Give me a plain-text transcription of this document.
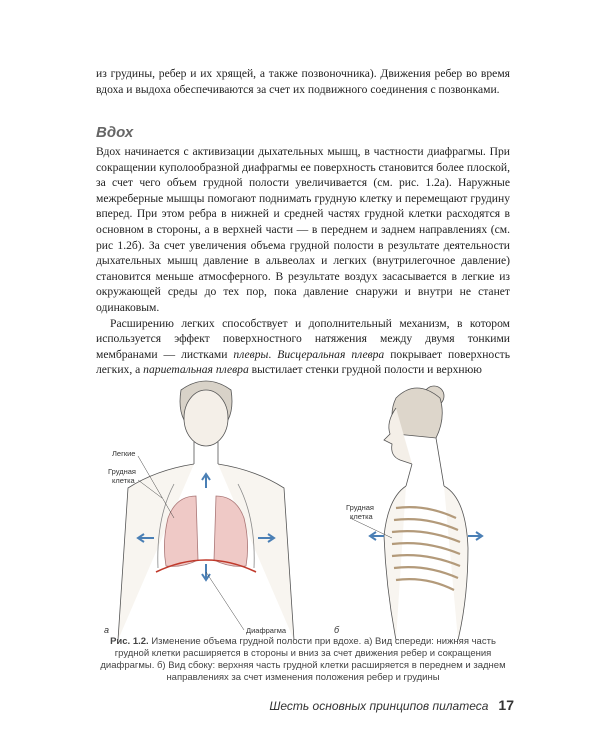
из грудины, ребер и их хрящей, а также позвоночника). Движения ребер во время вдоха и выдоха обеспечиваются за счет их подвижного соединения с позвонками.

Вдох

Вдох начинается с активизации дыхательных мышц, в частности диафрагмы. При сокращении куполообразной диафрагмы ее поверхность становится более плоской, за счет чего объем грудной полости увеличивается (см. рис. 1.2а). Наружные межреберные мышцы помогают поднимать грудную клетку и перемещают грудину вперед. При этом ребра в нижней и средней частях грудной клетки расходятся в основном в стороны, а в верхней части — в переднем и заднем направлениях (см. рис 1.2б). За счет увеличения объема грудной полости в результате деятельности дыхательных мышц давление в альвеолах и легких (внутрилегочное давление) становится меньше атмосферного. В результате воздух засасывается в легкие из окружающей среды до тех пор, пока давление снаружи и внутри не станет одинаковым.

Расширению легких способствует и дополнительный механизм, в котором используется эффект поверхностного натяжения между двумя тонкими мембранами — листками плевры. Висцеральная плевра покрывает поверхность легких, а париетальная плевра выстилает стенки грудной полости и верхнюю

Легкие
Грудная
клетка
Диафрагма
а
Грудная
клетка
б

Рис. 1.2. Изменение объема грудной полости при вдохе. а) Вид спереди: нижняя часть грудной клетки расширяется в стороны и вниз за счет движения ребер и сокращения диафрагмы. б) Вид сбоку: верхняя часть грудной клетки расширяется в переднем и заднем направлениях за счет изменения положения ребер и грудины

Шесть основных принципов пилатеса 17
